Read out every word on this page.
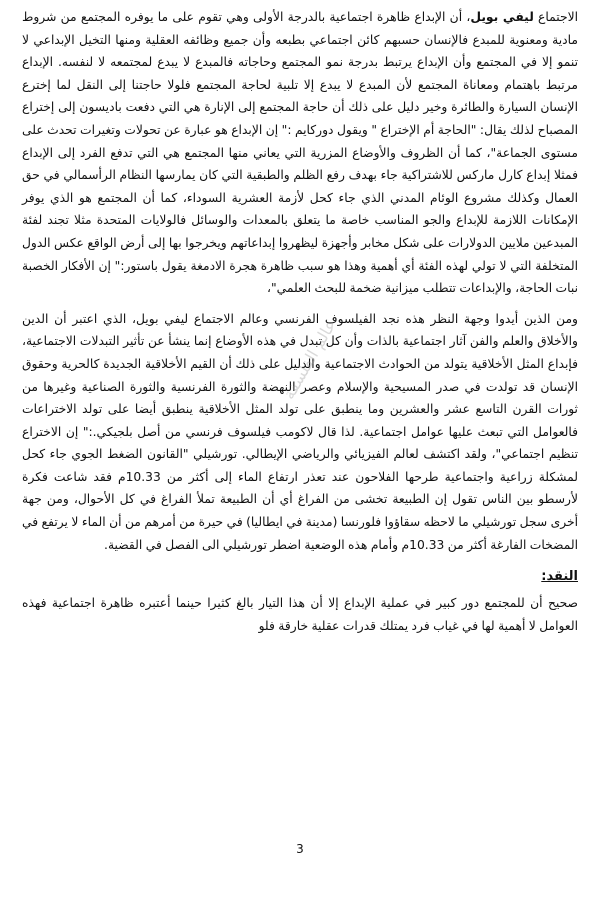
الاجتماع ليفي بويل، أن الإبداع ظاهرة اجتماعية بالدرجة الأولى وهي تقوم على ما يوفره المجتمع من شروط مادية ومعنوية للمبدع فالإنسان حسبهم كائن اجتماعي بطبعه وأن جميع وظائفه العقلية ومنها التخيل الإبداعي لا تنمو إلا في المجتمع وأن الإبداع يرتبط بدرجة نمو المجتمع وحاجاته فالمبدع لا يبدع لمجتمعه لا لنفسه. الإبداع مرتبط باهتمام ومعاناة المجتمع لأن المبدع لا يبدع إلا تلبية لحاجة المجتمع فلولا حاجتنا إلى النقل لما إخترع الإنسان السيارة والطائرة وخير دليل على ذلك أن حاجة المجتمع إلى الإنارة هي التي دفعت باديسون إلى إختراع المصباح لذلك يقال: "الحاجة أم الإختراع " ويقول دوركايم :" إن الإبداع هو عبارة عن تحولات وتغيرات تحدث على مستوى الجماعة"، كما أن الظروف والأوضاع المزرية التي يعاني منها المجتمع هي التي تدفع الفرد إلى الإبداع فمثلا إبداع كارل ماركس للاشتراكية جاء بهدف رفع الظلم والطبقية التي كان يمارسها النظام الرأسمالي في حق العمال وكذلك مشروع الوئام المدني الذي جاء كحل لأزمة العشرية السوداء، كما أن المجتمع هو الذي يوفر الإمكانات اللازمة للإبداع والجو المناسب خاصة ما يتعلق بالمعدات والوسائل فالولايات المتحدة مثلا تجند لفئة المبدعين ملايين الدولارات على شكل مخابر وأجهزة ليظهروا إبداعاتهم ويخرجوا بها إلى أرض الواقع عكس الدول المتخلفة التي لا تولي لهذه الفئة أي أهمية وهذا هو سبب ظاهرة هجرة الادمغة يقول باستور:" إن الأفكار الخصبة نبات الحاجة، والإبداعات تتطلب ميزانية ضخمة للبحث العلمي"،

ومن الذين أيدوا وجهة النظر هذه نجد الفيلسوف الفرنسي وعالم الاجتماع ليفي بويل، الذي اعتبر أن الدين والأخلاق والعلم والفن آثار اجتماعية بالذات وأن كل تبدل في هذه الأوضاع إنما ينشأ عن تأثير التبدلات الاجتماعية، فإبداع المثل الأخلاقية يتولد من الحوادث الاجتماعية والدليل على ذلك أن القيم الأخلاقية الجديدة كالحرية وحقوق الإنسان قد تولدت في صدر المسيحية والإسلام وعصر النهضة والثورة الفرنسية والثورة الصناعية وغيرها من ثورات القرن التاسع عشر والعشرين وما ينطبق على تولد المثل الأخلاقية ينطبق أيضا على تولد الاختراعات فالعوامل التي تبعث عليها عوامل اجتماعية. لذا قال لاكومب فيلسوف فرنسي من أصل بلجيكي.:" إن الاختراع تنظيم اجتماعي"، ولقد اكتشف لعالم الفيزيائي والرياضي الإيطالي. تورشيلي "القانون الضغط الجوي جاء كحل لمشكلة زراعية واجتماعية طرحها الفلاحون عند تعذر ارتفاع الماء إلى أكثر من 10.33م فقد شاعت فكرة لأرسطو بين الناس تقول إن الطبيعة تخشى من الفراغ أي أن الطبيعة تملأ الفراغ في كل الأحوال، ومن جهة أخرى سجل تورشيلي ما لاحظه سقاؤوا فلورنسا (مدينة في ايطاليا) في حيرة من أمرهم من أن الماء لا يرتفع في المضخات الفارغة أكثر من 10.33م وأمام هذه الوضعية اضطر تورشيلي الى الفصل في القضية.

النقد:

صحيح أن للمجتمع دور كبير في عملية الإبداع إلا أن هذا التيار بالغ كثيرا حينما أعتبره ظاهرة اجتماعية فهذه العوامل لا أهمية لها في غياب فرد يمتلك قدرات عقلية خارقة فلو

عالم الفلسفة
3
